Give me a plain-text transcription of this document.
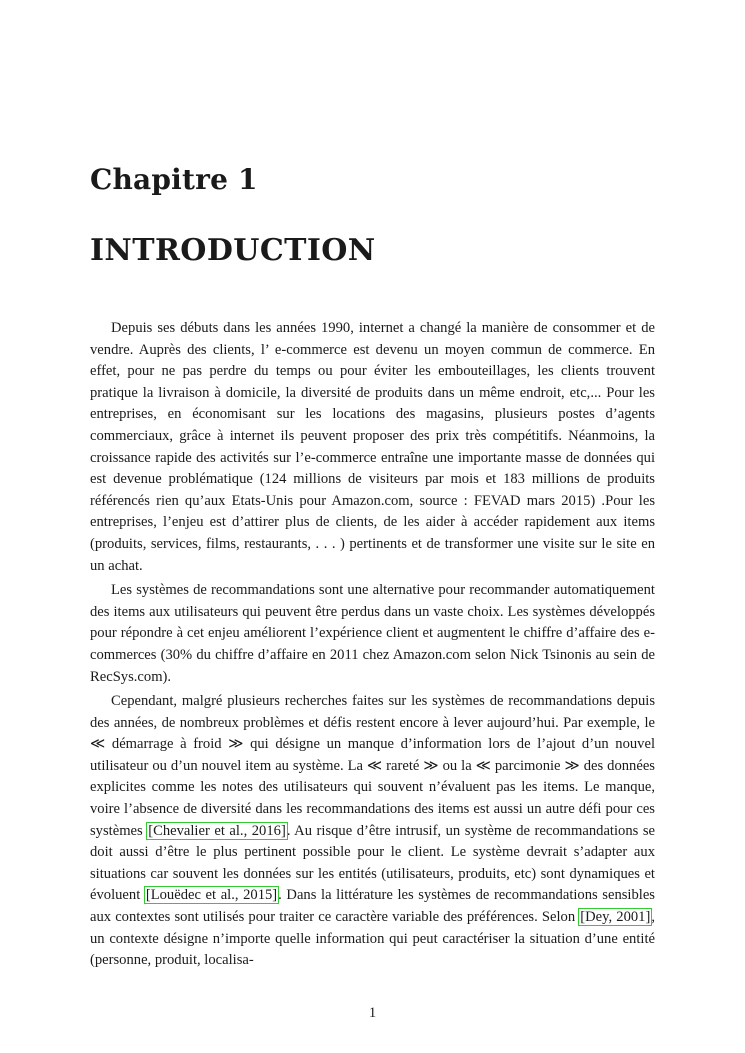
Chapitre 1
INTRODUCTION

Depuis ses débuts dans les années 1990, internet a changé la manière de consommer et de vendre. Auprès des clients, l’ e-commerce est devenu un moyen commun de commerce. En effet, pour ne pas perdre du temps ou pour éviter les embouteillages, les clients trouvent pratique la livraison à domicile, la diversité de produits dans un même endroit, etc,... Pour les entreprises, en économisant sur les locations des magasins, plusieurs postes d’agents commerciaux, grâce à internet ils peuvent proposer des prix très compétitifs. Néanmoins, la croissance rapide des activités sur l’e-commerce entraîne une importante masse de données qui est devenue problématique (124 millions de visiteurs par mois et 183 millions de produits référencés rien qu’aux Etats-Unis pour Amazon.com, source : FEVAD mars 2015) .Pour les entreprises, l’enjeu est d’attirer plus de clients, de les aider à accéder rapidement aux items (produits, services, films, restaurants, . . . ) pertinents et de transformer une visite sur le site en un achat.

Les systèmes de recommandations sont une alternative pour recommander automatiquement des items aux utilisateurs qui peuvent être perdus dans un vaste choix. Les systèmes développés pour répondre à cet enjeu améliorent l’expérience client et augmentent le chiffre d’affaire des e-commerces (30% du chiffre d’affaire en 2011 chez Amazon.com selon Nick Tsinonis au sein de RecSys.com).

Cependant, malgré plusieurs recherches faites sur les systèmes de recommandations depuis des années, de nombreux problèmes et défis restent encore à lever aujourd’hui. Par exemple, le ≪ démarrage à froid ≫ qui désigne un manque d’information lors de l’ajout d’un nouvel utilisateur ou d’un nouvel item au système. La ≪ rareté ≫ ou la ≪ parcimonie ≫ des données explicites comme les notes des utilisateurs qui souvent n’évaluent pas les items. Le manque, voire l’absence de diversité dans les recommandations des items est aussi un autre défi pour ces systèmes [Chevalier et al., 2016]. Au risque d’être intrusif, un système de recommandations se doit aussi d’être le plus pertinent possible pour le client. Le système devrait s’adapter aux situations car souvent les données sur les entités (utilisateurs, produits, etc) sont dynamiques et évoluent [Louëdec et al., 2015]. Dans la littérature les systèmes de recommandations sensibles aux contextes sont utilisés pour traiter ce caractère variable des préférences. Selon [Dey, 2001], un contexte désigne n’importe quelle information qui peut caractériser la situation d’une entité (personne, produit, localisa-

1
